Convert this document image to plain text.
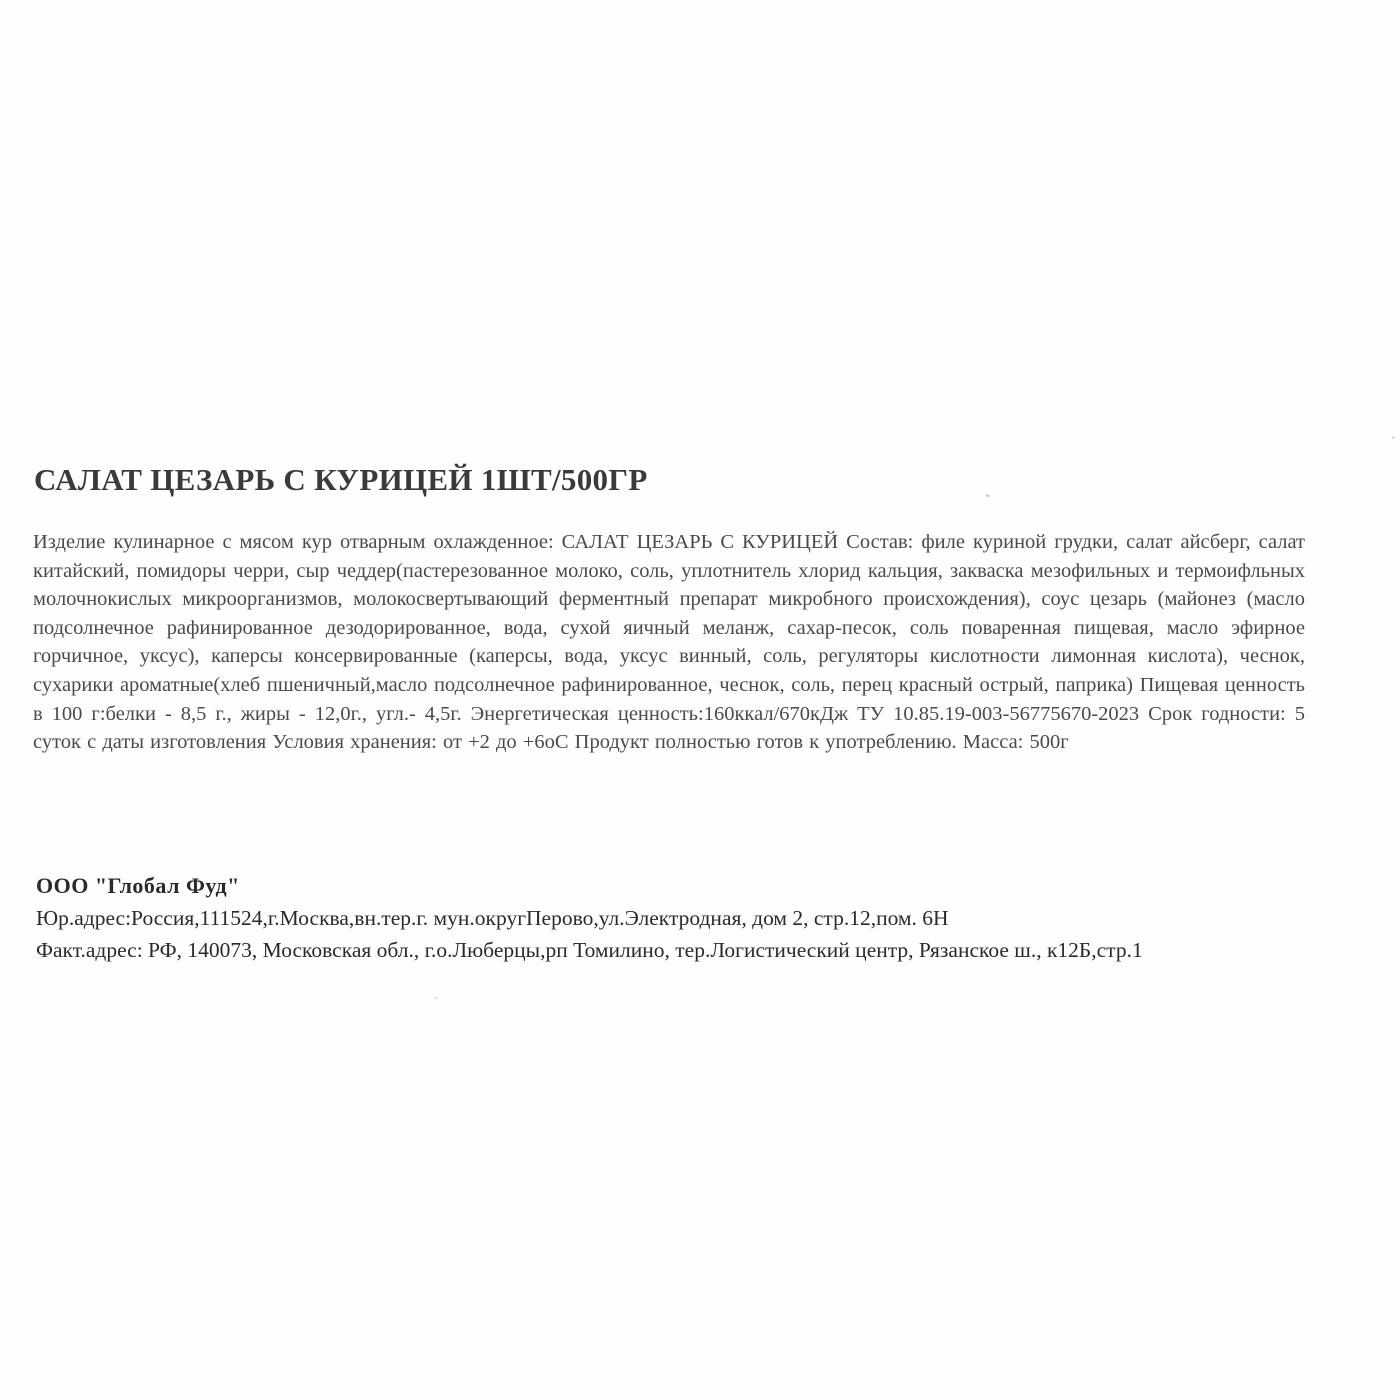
САЛАТ ЦЕЗАРЬ С КУРИЦЕЙ 1ШТ/500ГР
Изделие кулинарное с мясом кур отварным охлажденное: САЛАТ ЦЕЗАРЬ С КУРИЦЕЙ Состав: филе куриной грудки, салат айсберг, салат китайский, помидоры черри, сыр чеддер(пастерезованное молоко, соль, уплотнитель хлорид кальция, закваска мезофильных и термоифльных молочнокислых микроорганизмов, молокосвертывающий ферментный препарат микробного происхождения), соус цезарь (майонез (масло подсолнечное рафинированное дезодорированное, вода, сухой яичный меланж, сахар-песок, соль поваренная пищевая, масло эфирное горчичное, уксус), каперсы консервированные (каперсы, вода, уксус винный, соль, регуляторы кислотности лимонная кислота), чеснок, сухарики ароматные(хлеб пшеничный,масло подсолнечное рафинированное, чеснок, соль, перец красный острый, паприка) Пищевая ценность в 100 г:белки - 8,5 г., жиры - 12,0г., угл.- 4,5г. Энергетическая ценность:160ккал/670кДж ТУ 10.85.19-003-56775670-2023 Срок годности: 5 суток с даты изготовления Условия хранения: от +2 до +6оС Продукт полностью готов к употреблению. Масса: 500г
ООО "Глобал Фуд"
Юр.адрес:Россия,111524,г.Москва,вн.тер.г. мун.округПерово,ул.Электродная, дом 2, стр.12,пом. 6Н
Факт.адрес: РФ, 140073, Московская обл., г.о.Люберцы,рп Томилино, тер.Логистический центр, Рязанское ш., к12Б,стр.1
